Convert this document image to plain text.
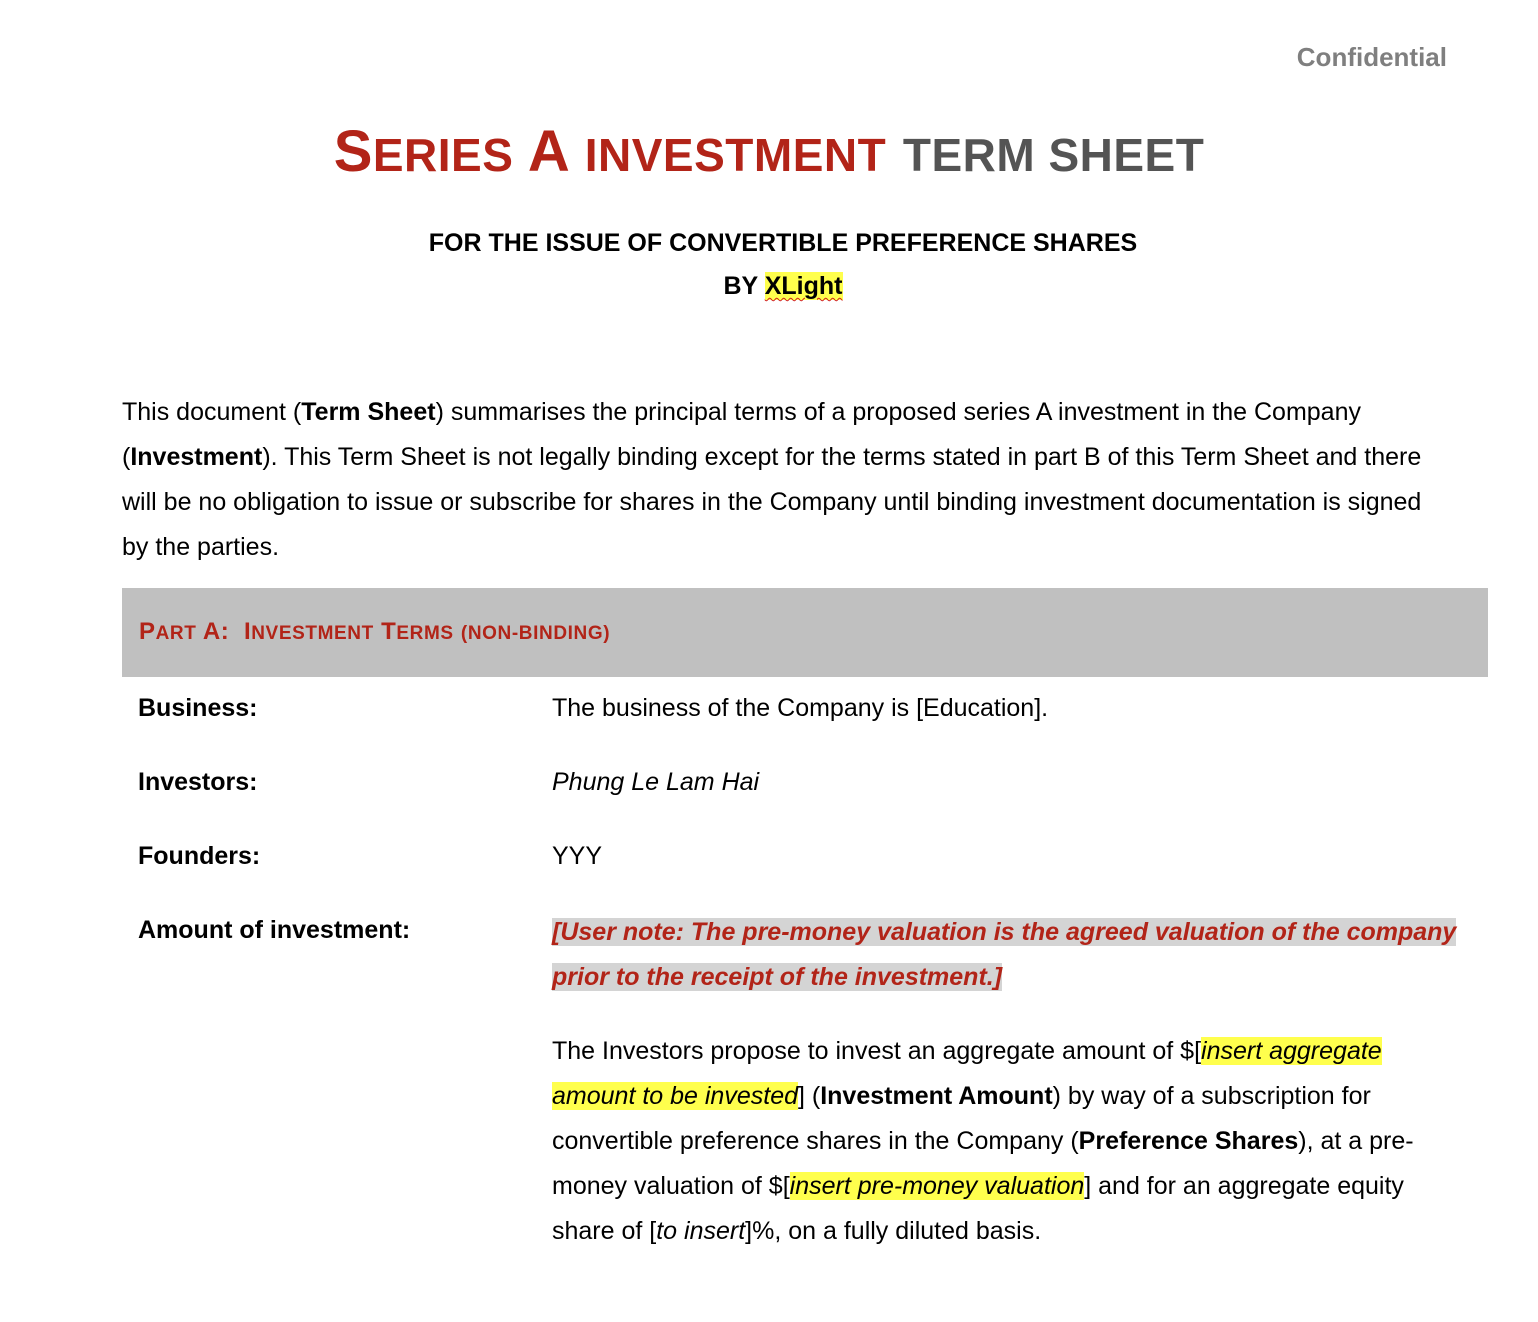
Confidential
SERIES A INVESTMENT TERM SHEET
FOR THE ISSUE OF CONVERTIBLE PREFERENCE SHARES
BY XLight
This document (Term Sheet) summarises the principal terms of a proposed series A investment in the Company (Investment). This Term Sheet is not legally binding except for the terms stated in part B of this Term Sheet and there will be no obligation to issue or subscribe for shares in the Company until binding investment documentation is signed by the parties.
PART A: INVESTMENT TERMS (NON-BINDING)
Business:	The business of the Company is [Education].
Investors:	Phung Le Lam Hai
Founders:	YYY
Amount of investment:	[User note: The pre-money valuation is the agreed valuation of the company prior to the receipt of the investment.]
The Investors propose to invest an aggregate amount of $[insert aggregate amount to be invested] (Investment Amount) by way of a subscription for convertible preference shares in the Company (Preference Shares), at a pre-money valuation of $[insert pre-money valuation] and for an aggregate equity share of [to insert]%, on a fully diluted basis.
